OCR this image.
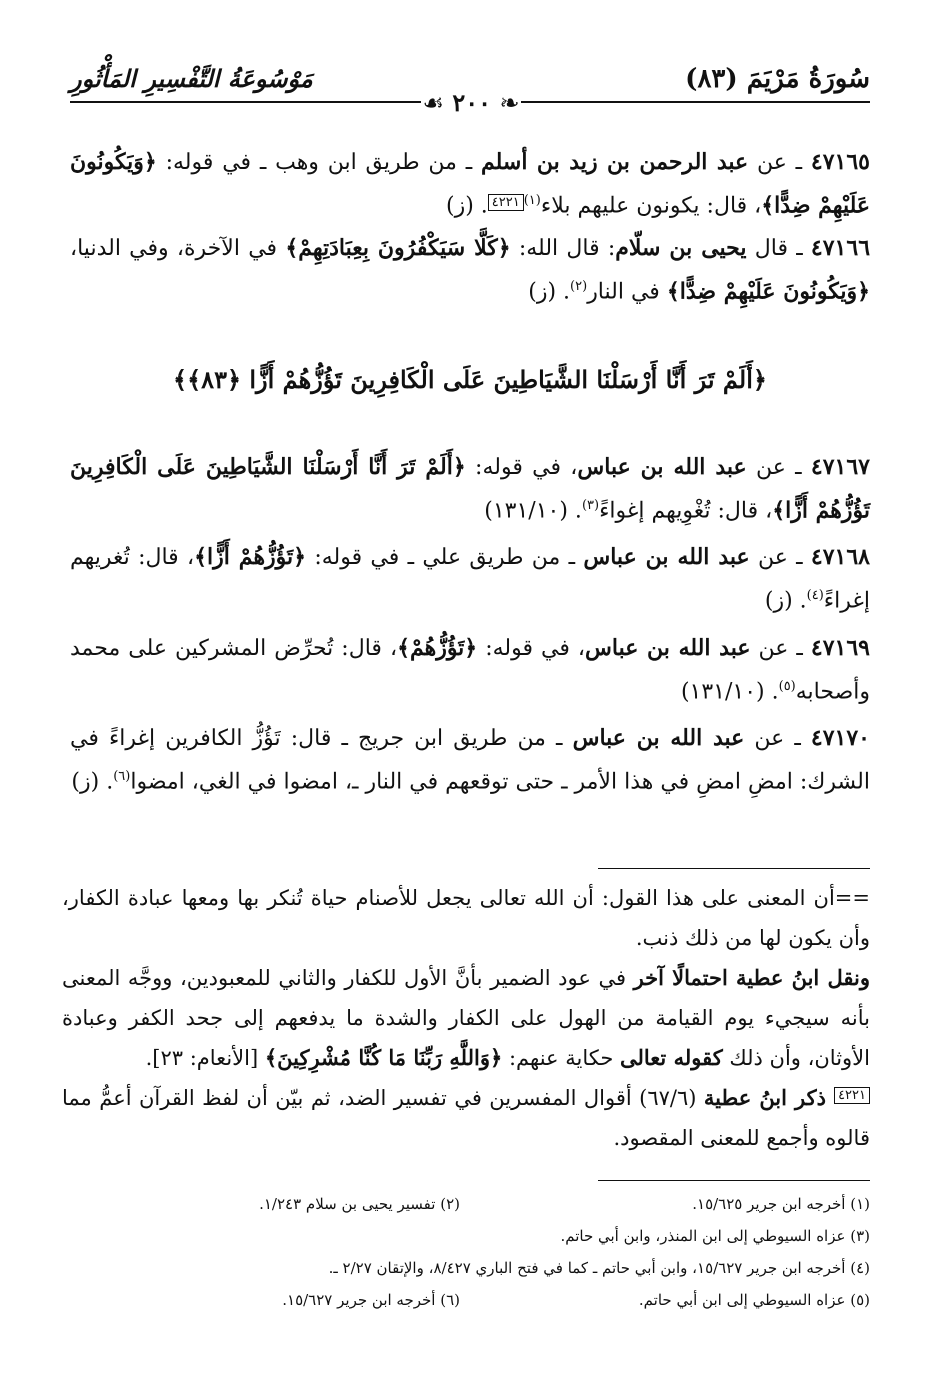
سُورَةُ مَرْيَمَ (٨٣)
مَوْسُوعَةُ التَّفْسِيرِ المَأْثُورِ
❧ ٢٠٠ ☙

٤٧١٦٥ ـ عن عبد الرحمن بن زيد بن أسلم ـ من طريق ابن وهب ـ في قوله: ﴿وَيَكُونُونَ عَلَيْهِمْ ضِدًّا﴾، قال: يكونون عليهم بلاء$^{(١)}$٤٢٢١. (ز)

٤٧١٦٦ ـ قال يحيى بن سلّام: قال الله: ﴿كَلَّا سَيَكْفُرُونَ بِعِبَادَتِهِمْ﴾ في الآخرة، وفي الدنيا، ﴿وَيَكُونُونَ عَلَيْهِمْ ضِدًّا﴾ في النار$^{(٢)}$. (ز)

﴿أَلَمْ تَرَ أَنَّا أَرْسَلْنَا الشَّيَاطِينَ عَلَى الْكَافِرِينَ تَؤُزُّهُمْ أَزًّا ﴿٨٣﴾﴾

٤٧١٦٧ ـ عن عبد الله بن عباس، في قوله: ﴿أَلَمْ تَرَ أَنَّا أَرْسَلْنَا الشَّيَاطِينَ عَلَى الْكَافِرِينَ تَؤُزُّهُمْ أَزًّا﴾، قال: تُغْوِيهم إغواءً$^{(٣)}$. (١٣١/١٠)

٤٧١٦٨ ـ عن عبد الله بن عباس ـ من طريق علي ـ في قوله: ﴿تَؤُزُّهُمْ أَزًّا﴾، قال: تُغريهم إغراءً$^{(٤)}$. (ز)

٤٧١٦٩ ـ عن عبد الله بن عباس، في قوله: ﴿تَؤُزُّهُمْ﴾، قال: تُحرِّض المشركين على محمد وأصحابه$^{(٥)}$. (١٣١/١٠)

٤٧١٧٠ ـ عن عبد الله بن عباس ـ من طريق ابن جريج ـ قال: تَؤُزُّ الكافرين إغراءً في الشرك: امضِ امضِ في هذا الأمر ـ حتى توقعهم في النار ـ، امضوا في الغي، امضوا$^{(٦)}$. (ز)

==أن المعنى على هذا القول: أن الله تعالى يجعل للأصنام حياة تُنكر بها ومعها عبادة الكفار، وأن يكون لها من ذلك ذنب.

ونقل ابنُ عطية احتمالًا آخر في عود الضمير بأنَّ الأول للكفار والثاني للمعبودين، ووجَّه المعنى بأنه سيجيء يوم القيامة من الهول على الكفار والشدة ما يدفعهم إلى جحد الكفر وعبادة الأوثان، وأن ذلك كقوله تعالى حكاية عنهم: ﴿وَاللَّهِ رَبِّنَا مَا كُنَّا مُشْرِكِينَ﴾ [الأنعام: ٢٣].

٤٢٢١ ذكر ابنُ عطية (٦٧/٦) أقوال المفسرين في تفسير الضد، ثم بيّن أن لفظ القرآن أعمُّ مما قالوه وأجمع للمعنى المقصود.

(١) أخرجه ابن جرير ١٥/٦٢٥.
(٢) تفسير يحيى بن سلام ١/٢٤٣.
(٣) عزاه السيوطي إلى ابن المنذر، وابن أبي حاتم.
(٤) أخرجه ابن جرير ١٥/٦٢٧، وابن أبي حاتم ـ كما في فتح الباري ٨/٤٢٧، والإتقان ٢/٢٧ ـ.
(٥) عزاه السيوطي إلى ابن أبي حاتم.
(٦) أخرجه ابن جرير ١٥/٦٢٧.
